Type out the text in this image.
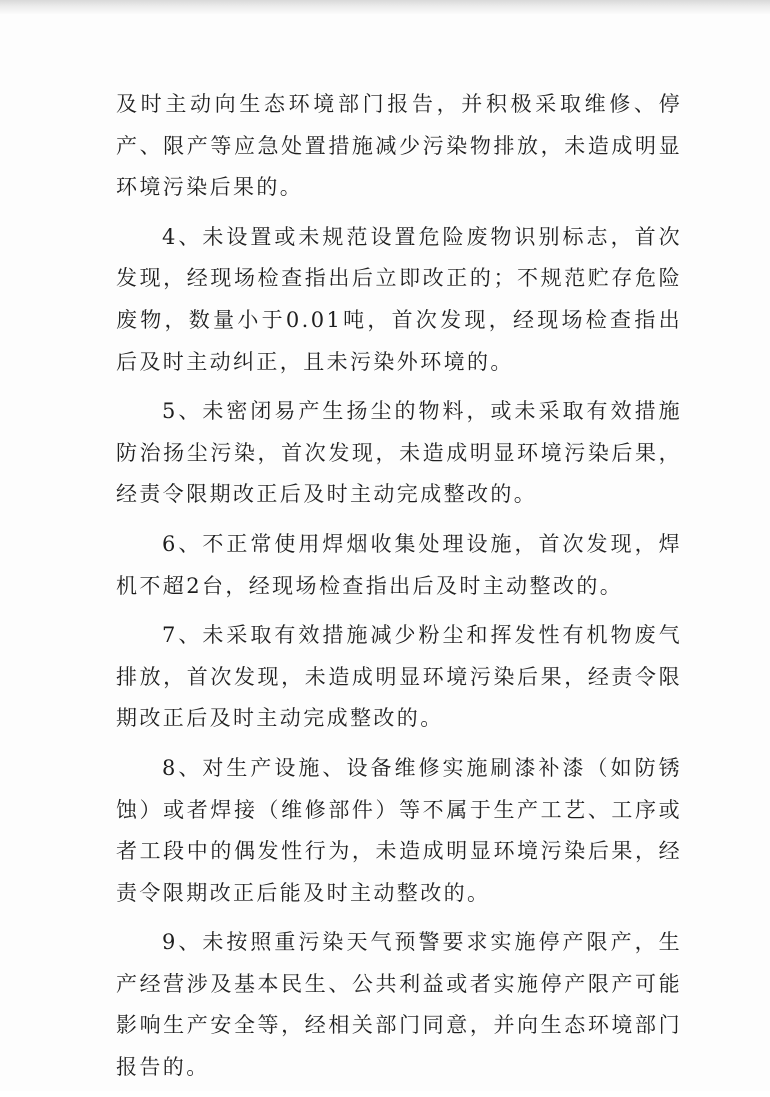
及时主动向生态环境部门报告，并积极采取维修、停产、限产等应急处置措施减少污染物排放，未造成明显环境污染后果的。

4、未设置或未规范设置危险废物识别标志，首次发现，经现场检查指出后立即改正的；不规范贮存危险废物，数量小于0.01吨，首次发现，经现场检查指出后及时主动纠正，且未污染外环境的。

5、未密闭易产生扬尘的物料，或未采取有效措施防治扬尘污染，首次发现，未造成明显环境污染后果，经责令限期改正后及时主动完成整改的。

6、不正常使用焊烟收集处理设施，首次发现，焊机不超2台，经现场检查指出后及时主动整改的。

7、未采取有效措施减少粉尘和挥发性有机物废气排放，首次发现，未造成明显环境污染后果，经责令限期改正后及时主动完成整改的。

8、对生产设施、设备维修实施刷漆补漆（如防锈蚀）或者焊接（维修部件）等不属于生产工艺、工序或者工段中的偶发性行为，未造成明显环境污染后果，经责令限期改正后能及时主动整改的。

9、未按照重污染天气预警要求实施停产限产，生产经营涉及基本民生、公共利益或者实施停产限产可能影响生产安全等，经相关部门同意，并向生态环境部门报告的。
